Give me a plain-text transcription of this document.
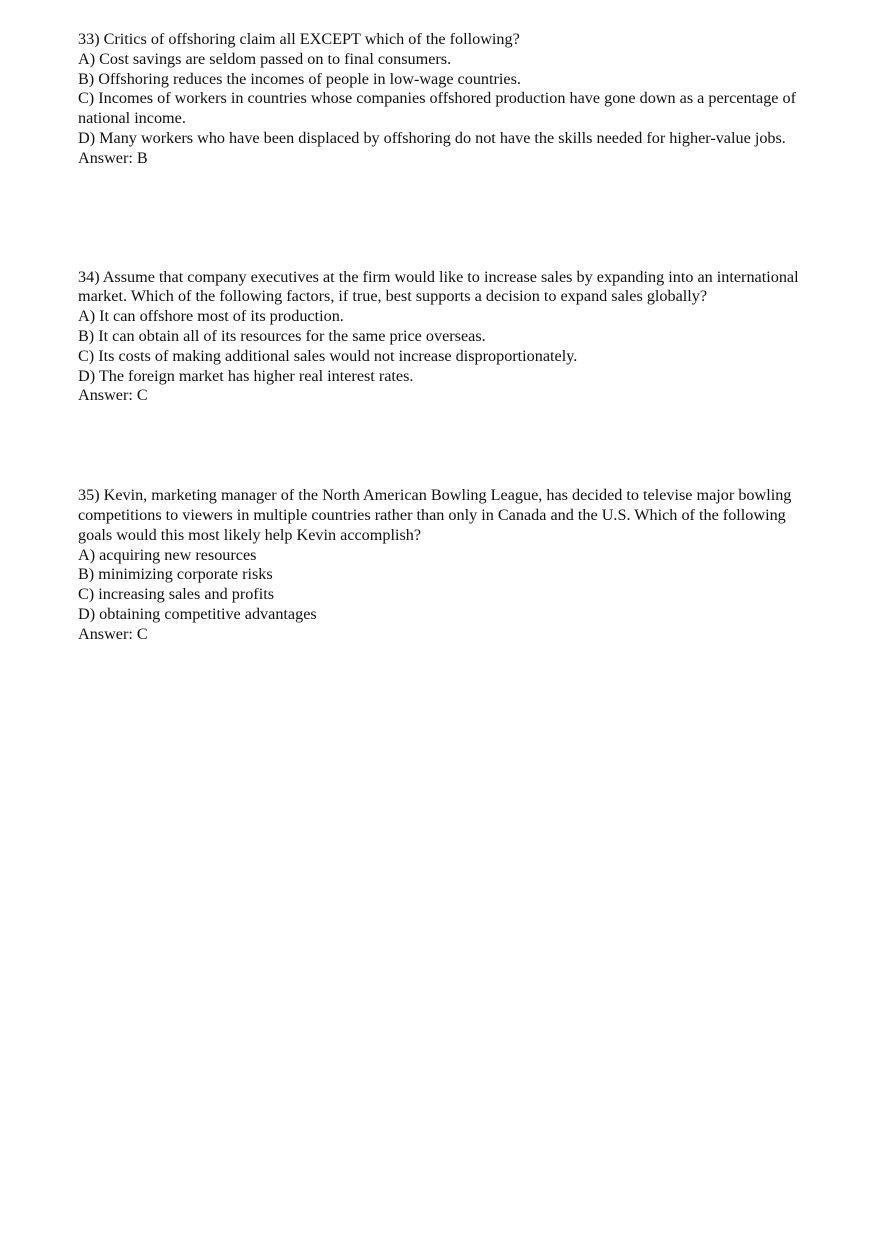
33) Critics of offshoring claim all EXCEPT which of the following?
A) Cost savings are seldom passed on to final consumers.
B) Offshoring reduces the incomes of people in low-wage countries.
C) Incomes of workers in countries whose companies offshored production have gone down as a percentage of national income.
D) Many workers who have been displaced by offshoring do not have the skills needed for higher-value jobs.
Answer: B
34) Assume that company executives at the firm would like to increase sales by expanding into an international market. Which of the following factors, if true, best supports a decision to expand sales globally?
A) It can offshore most of its production.
B) It can obtain all of its resources for the same price overseas.
C) Its costs of making additional sales would not increase disproportionately.
D) The foreign market has higher real interest rates.
Answer: C
35) Kevin, marketing manager of the North American Bowling League, has decided to televise major bowling competitions to viewers in multiple countries rather than only in Canada and the U.S. Which of the following goals would this most likely help Kevin accomplish?
A) acquiring new resources
B) minimizing corporate risks
C) increasing sales and profits
D) obtaining competitive advantages
Answer: C
